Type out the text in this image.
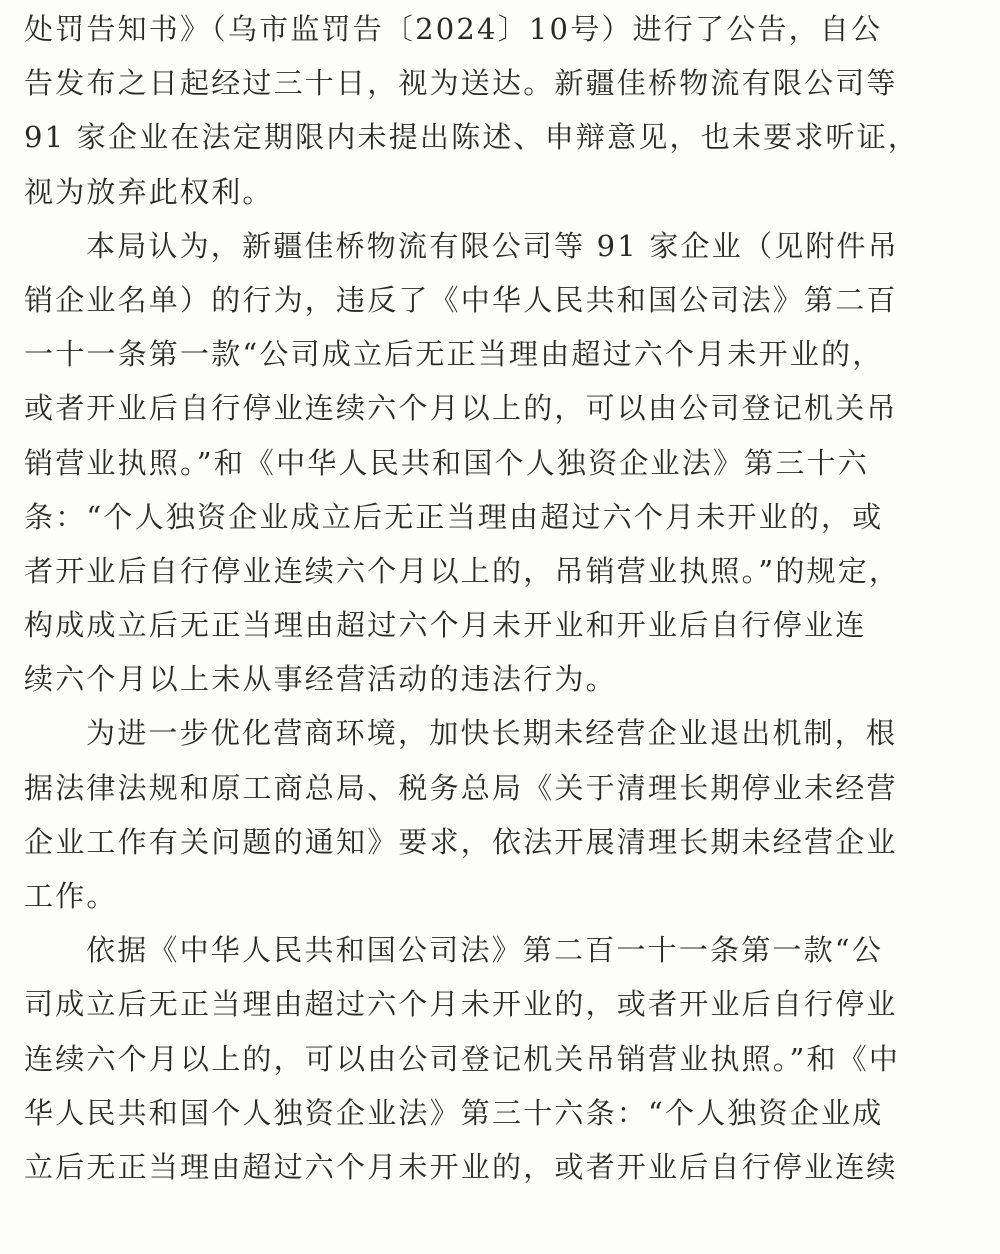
处罚告知书》（乌市监罚告〔2024〕10号）进行了公告，自公
告发布之日起经过三十日，视为送达。新疆佳桥物流有限公司等
91 家企业在法定期限内未提出陈述、申辩意见，也未要求听证，
视为放弃此权利。
本局认为，新疆佳桥物流有限公司等 91 家企业（见附件吊
销企业名单）的行为，违反了《中华人民共和国公司法》第二百
一十一条第一款“公司成立后无正当理由超过六个月未开业的，
或者开业后自行停业连续六个月以上的，可以由公司登记机关吊
销营业执照。”和《中华人民共和国个人独资企业法》第三十六
条：“个人独资企业成立后无正当理由超过六个月未开业的，或
者开业后自行停业连续六个月以上的，吊销营业执照。”的规定，
构成成立后无正当理由超过六个月未开业和开业后自行停业连
续六个月以上未从事经营活动的违法行为。
为进一步优化营商环境，加快长期未经营企业退出机制，根
据法律法规和原工商总局、税务总局《关于清理长期停业未经营
企业工作有关问题的通知》要求，依法开展清理长期未经营企业
工作。
依据《中华人民共和国公司法》第二百一十一条第一款“公
司成立后无正当理由超过六个月未开业的，或者开业后自行停业
连续六个月以上的，可以由公司登记机关吊销营业执照。”和《中
华人民共和国个人独资企业法》第三十六条：“个人独资企业成
立后无正当理由超过六个月未开业的，或者开业后自行停业连续
